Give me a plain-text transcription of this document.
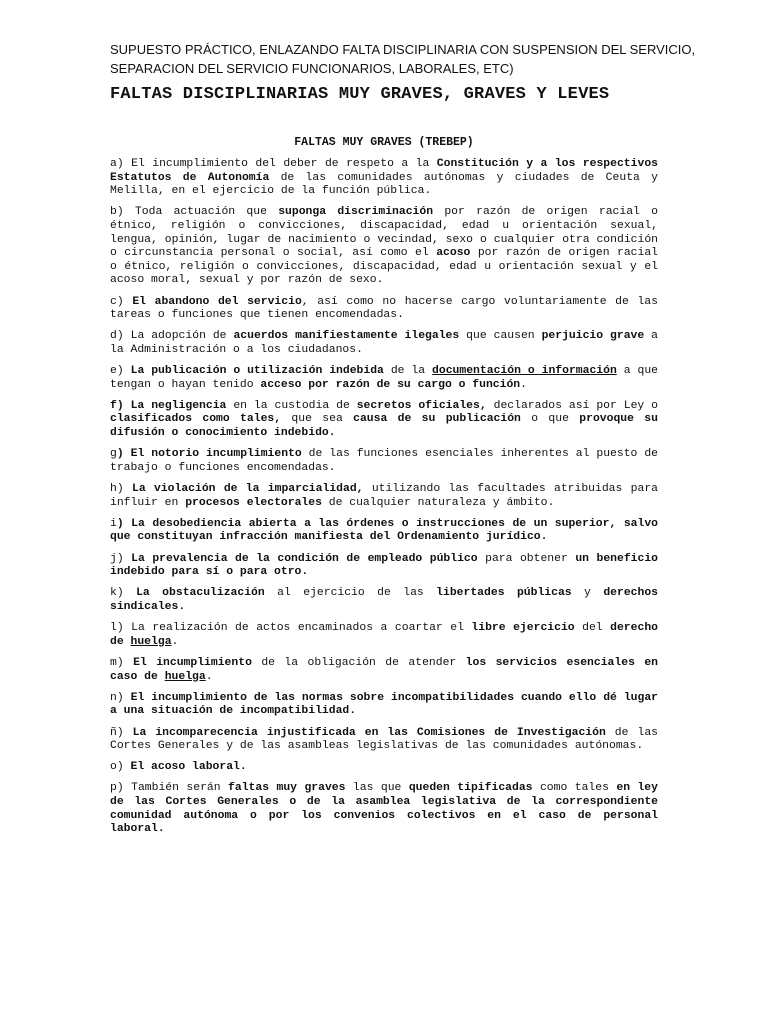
SUPUESTO PRÁCTICO, ENLAZANDO FALTA DISCIPLINARIA CON SUSPENSION DEL SERVICIO,
SEPARACION DEL SERVICIO FUNCIONARIOS, LABORALES, ETC)
FALTAS DISCIPLINARIAS MUY GRAVES, GRAVES Y LEVES
FALTAS MUY GRAVES (TREBEP)

a) El incumplimiento del deber de respeto a la Constitución y a los respectivos Estatutos de Autonomía de las comunidades autónomas y ciudades de Ceuta y Melilla, en el ejercicio de la función pública.

b) Toda actuación que suponga discriminación por razón de origen racial o étnico, religión o convicciones, discapacidad, edad u orientación sexual, lengua, opinión, lugar de nacimiento o vecindad, sexo o cualquier otra condición o circunstancia personal o social, así como el acoso por razón de origen racial o étnico, religión o convicciones, discapacidad, edad u orientación sexual y el acoso moral, sexual y por razón de sexo.

c) El abandono del servicio, así como no hacerse cargo voluntariamente de las tareas o funciones que tienen encomendadas.

d) La adopción de acuerdos manifiestamente ilegales que causen perjuicio grave a la Administración o a los ciudadanos.

e) La publicación o utilización indebida de la documentación o información a que tengan o hayan tenido acceso por razón de su cargo o función.

f) La negligencia en la custodia de secretos oficiales, declarados así por Ley o clasificados como tales, que sea causa de su publicación o que provoque su difusión o conocimiento indebido.

g) El notorio incumplimiento de las funciones esenciales inherentes al puesto de trabajo o funciones encomendadas.

h) La violación de la imparcialidad, utilizando las facultades atribuidas para influir en procesos electorales de cualquier naturaleza y ámbito.

i) La desobediencia abierta a las órdenes o instrucciones de un superior, salvo que constituyan infracción manifiesta del Ordenamiento jurídico.

j) La prevalencia de la condición de empleado público para obtener un beneficio indebido para sí o para otro.

k) La obstaculización al ejercicio de las libertades públicas y derechos sindicales.

l) La realización de actos encaminados a coartar el libre ejercicio del derecho de huelga.

m) El incumplimiento de la obligación de atender los servicios esenciales en caso de huelga.

n) El incumplimiento de las normas sobre incompatibilidades cuando ello dé lugar a una situación de incompatibilidad.

ñ) La incomparecencia injustificada en las Comisiones de Investigación de las Cortes Generales y de las asambleas legislativas de las comunidades autónomas.

o) El acoso laboral.

p) También serán faltas muy graves las que queden tipificadas como tales en ley de las Cortes Generales o de la asamblea legislativa de la correspondiente comunidad autónoma o por los convenios colectivos en el caso de personal laboral.
